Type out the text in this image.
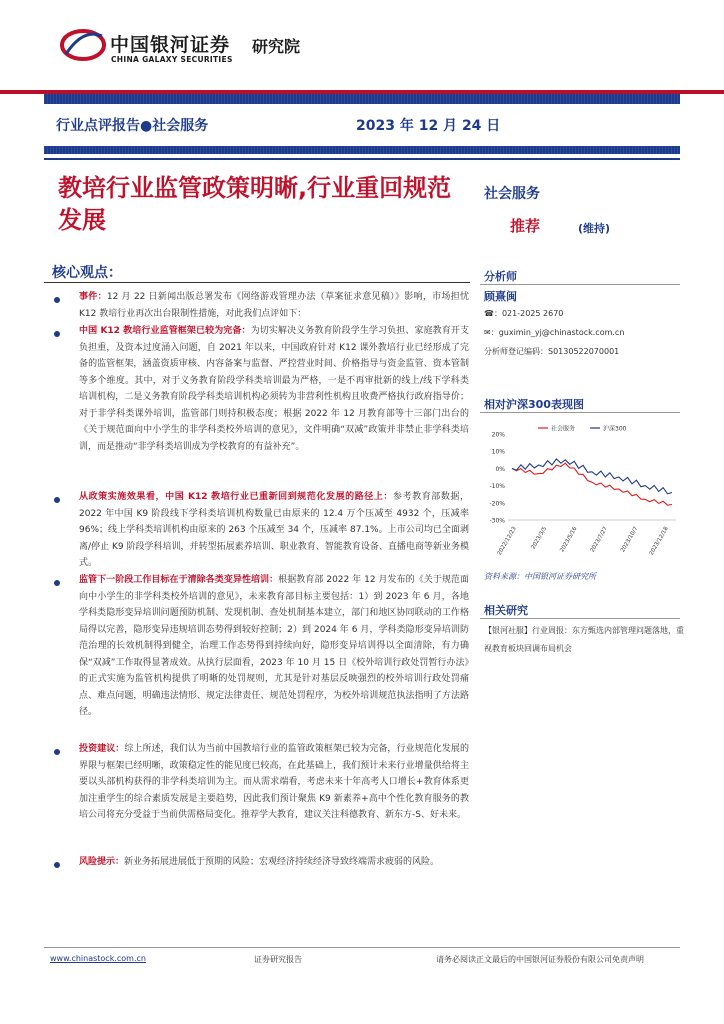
中国银河证券
CHINA GALAXY SECURITIES
研究院
行业点评报告●社会服务	2023 年 12 月 24 日
教培行业监管政策明晰,行业重回规范发展
社会服务
推荐	(维持)
核心观点：
事件：12 月 22 日新闻出版总署发布《网络游戏管理办法（草案征求意见稿）》影响，市场担忧 K12 教培行业再次出台限制性措施，对此我们点评如下：
中国 K12 教培行业监管框架已较为完备：为切实解决义务教育阶段学生学习负担、家庭教育开支负担重，及资本过度涌入问题，自 2021 年以来，中国政府针对 K12 课外教培行业已经形成了完备的监管框架，涵盖资质审核、内容备案与监督、严控营业时间、价格指导与资金监管、资本管制等多个维度。其中，对于义务教育阶段学科类培训最为严格，一是不再审批新的线上/线下学科类培训机构，二是义务教育阶段学科类培训机构必须转为非营利性机构且收费严格执行政府指导价；对于非学科类课外培训，监管部门则持积极态度；根据 2022 年 12 月教育部等十三部门出台的《关于规范面向中小学生的非学科类校外培训的意见》，文件明确“双减”政策并非禁止非学科类培训，而是推动“非学科类培训成为学校教育的有益补充”。
从政策实施效果看，中国 K12 教培行业已重新回到规范化发展的路径上：参考教育部数据，2022 年中国 K9 阶段线下学科类培训机构数量已由原来的 12.4 万个压减至 4932 个，压减率 96%；线上学科类培训机构由原来的 263 个压减至 34 个，压减率 87.1%。上市公司均已全面剥离/停止 K9 阶段学科培训，并转型拓展素养培训、职业教育、智能教育设备、直播电商等新业务模式。
监管下一阶段工作目标在于清除各类变异性培训：根据教育部 2022 年 12 月发布的《关于规范面向中小学生的非学科类校外培训的意见》，未来教育部目标主要包括：1）到 2023 年 6 月，各地学科类隐形变异培训问题预防机制、发现机制、查处机制基本建立，部门和地区协同联动的工作格局得以完善，隐形变异违规培训态势得到较好控制；2）到 2024 年 6 月，学科类隐形变异培训防范治理的长效机制得到健全，治理工作态势得到持续向好，隐形变异培训得以全面清除，有力确保“双减”工作取得显著成效。从执行层面看，2023 年 10 月 15 日《校外培训行政处罚暂行办法》的正式实施为监管机构提供了明晰的处罚规则，尤其是针对基层反映强烈的校外培训行政处罚痛点、难点问题，明确违法情形、规定法律责任、规范处罚程序，为校外培训规范执法指明了方法路径。
投资建议：综上所述，我们认为当前中国教培行业的监管政策框架已较为完备，行业规范化发展的界限与框架已经明晰，政策稳定性的能见度已较高，在此基础上，我们预计未来行业增量供给将主要以头部机构获得的非学科类培训为主。而从需求端看，考虑未来十年高考人口增长+教育体系更加注重学生的综合素质发展是主要趋势，因此我们预计聚焦 K9 新素养+高中个性化教育服务的教培公司将充分受益于当前供需格局变化。推荐学大教育，建议关注科德教育、新东方-S、好未来。
风险提示：新业务拓展进展低于预期的风险；宏观经济持续经济导致终端需求疲弱的风险。
分析师
顾熹闽
☎：021-2025 2670
✉：guximin_yj@chinastock.com.cn
分析师登记编码：S0130522070001
相对沪深300表现图
20%
10%
0%
-10%
-20%
-30%
2022/12/23 2023/3/5 2023/5/16 2023/7/27 2023/10/7 2023/12/18
社会服务	沪深300
资料来源：中国银河证券研究所
相关研究
【银河社服】行业周报：东方甄选内部管理问题落地，重视教育板块回调布局机会
www.chinastock.com.cn	证券研究报告	请务必阅读正文最后的中国银河证券股份有限公司免责声明
